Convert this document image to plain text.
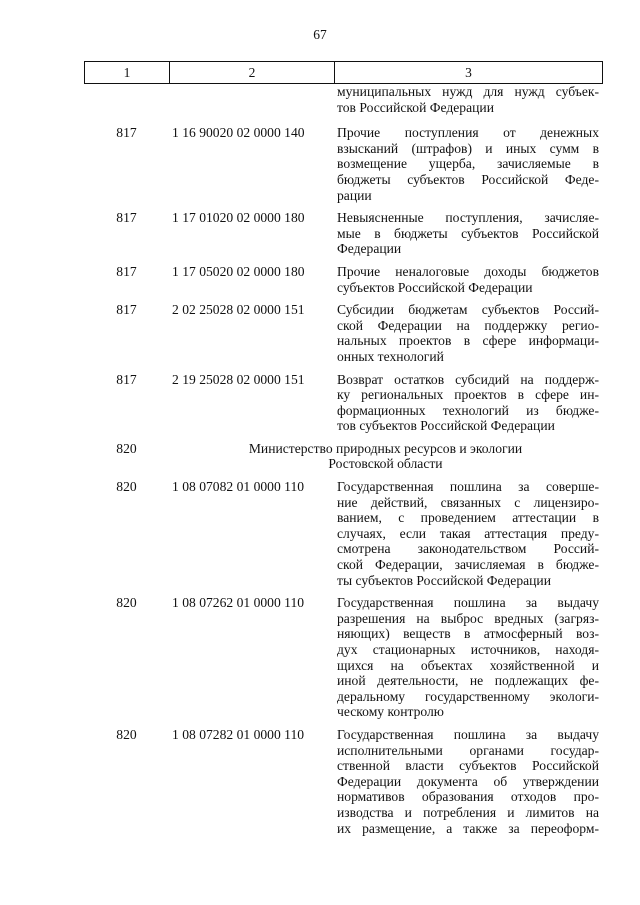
67
1	2	3
муниципальных нужд для нужд субъек-
тов Российской Федерации
817	1 16 90020 02 0000 140	Прочие поступления от денежных
взысканий (штрафов) и иных сумм в
возмещение ущерба, зачисляемые в
бюджеты субъектов Российской Феде-
рации
817	1 17 01020 02 0000 180	Невыясненные поступления, зачисляе-
мые в бюджеты субъектов Российской
Федерации
817	1 17 05020 02 0000 180	Прочие неналоговые доходы бюджетов
субъектов Российской Федерации
817	2 02 25028 02 0000 151	Субсидии бюджетам субъектов Россий-
ской Федерации на поддержку регио-
нальных проектов в сфере информаци-
онных технологий
817	2 19 25028 02 0000 151	Возврат остатков субсидий на поддерж-
ку региональных проектов в сфере ин-
формационных технологий из бюдже-
тов субъектов Российской Федерации
820	Министерство природных ресурсов и экологии
Ростовской области
820	1 08 07082 01 0000 110	Государственная пошлина за соверше-
ние действий, связанных с лицензиро-
ванием, с проведением аттестации в
случаях, если такая аттестация преду-
смотрена законодательством Россий-
ской Федерации, зачисляемая в бюдже-
ты субъектов Российской Федерации
820	1 08 07262 01 0000 110	Государственная пошлина за выдачу
разрешения на выброс вредных (загряз-
няющих) веществ в атмосферный воз-
дух стационарных источников, находя-
щихся на объектах хозяйственной и
иной деятельности, не подлежащих фе-
деральному государственному экологи-
ческому контролю
820	1 08 07282 01 0000 110	Государственная пошлина за выдачу
исполнительными органами государ-
ственной власти субъектов Российской
Федерации документа об утверждении
нормативов образования отходов про-
изводства и потребления и лимитов на
их размещение, а также за переоформ-
